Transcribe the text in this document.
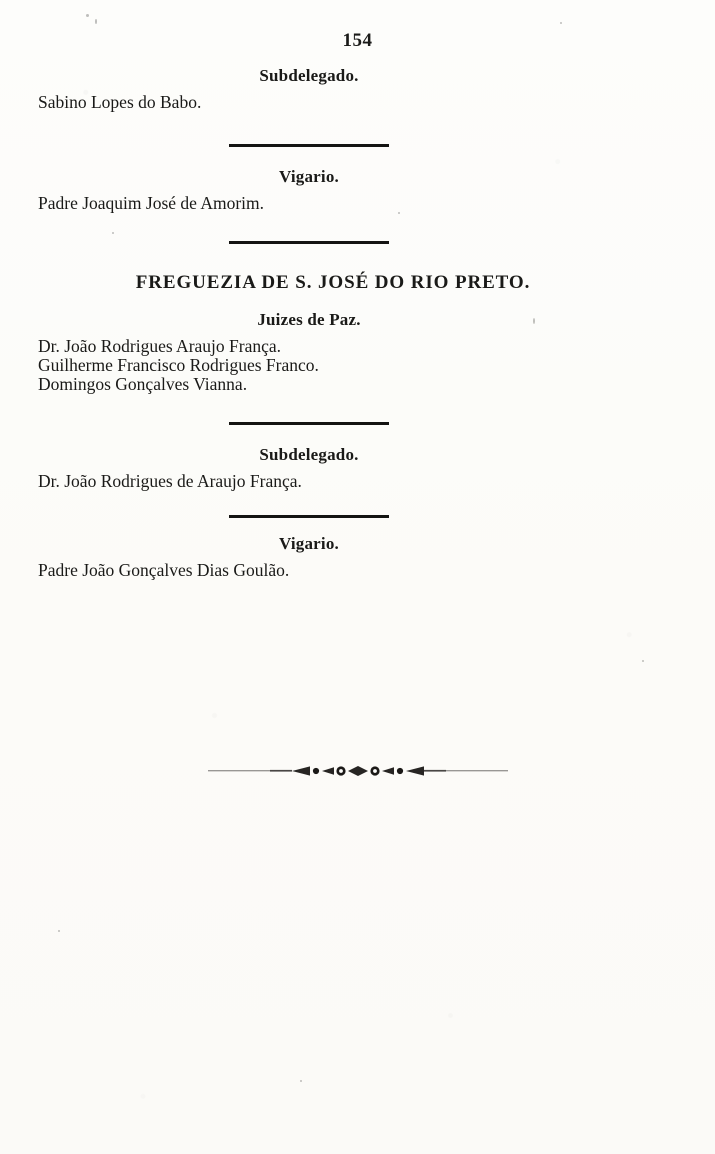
154
Subdelegado.
Sabino Lopes do Babo.
Vigario.
Padre Joaquim José de Amorim.
FREGUEZIA DE S. JOSÉ DO RIO PRETO.
Juizes de Paz.
Dr. João Rodrigues Araujo França.
Guilherme Francisco Rodrigues Franco.
Domingos Gonçalves Vianna.
Subdelegado.
Dr. João Rodrigues de Araujo França.
Vigario.
Padre João Gonçalves Dias Goulão.
